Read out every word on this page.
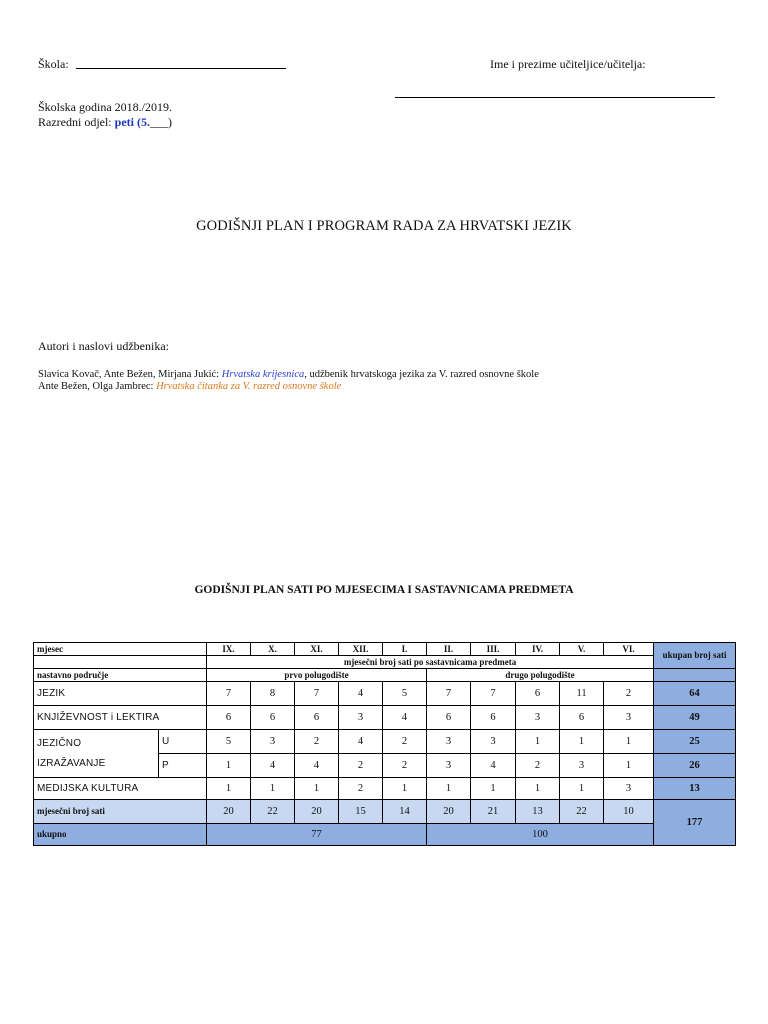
Škola:	Ime i prezime učiteljice/učitelja:
Školska godina 2018./2019.
Razredni odjel: peti (5.___)
GODIŠNJI PLAN I PROGRAM RADA ZA HRVATSKI JEZIK
Autori i naslovi udžbenika:
Slavica Kovač, Ante Bežen, Mirjana Jukić: Hrvatska krijesnica, udžbenik hrvatskoga jezika za V. razred osnovne škole
Ante Bežen, Olga Jambrec: Hrvatska čitanka za V. razred osnovne škole
GODIŠNJI PLAN SATI PO MJESECIMA I SASTAVNICAMA PREDMETA
mjesec		IX.	X.	XI.	XII.	I.	II.	III.	IV.	V.	VI.	ukupan broj sati
		mjesečni broj sati po sastavnicama predmeta										
nastavno područje		prvo polugodište					drugo polugodište					
JEZIK		7	8	7	4	5	7	7	6	11	2	64
KNJIŽEVNOST i LEKTIRA		6	6	6	3	4	6	6	3	6	3	49

JEZIČNO
IZRAŽAVANJE	U	5	3	2	4	2	3	3	1	1	1	25
	P	1	4	4	2	2	3	4	2	3	1	26
MEDIJSKA KULTURA		1	1	1	2	1	1	1	1	1	3	13
mjesečni broj sati		20	22	20	15	14	20	21	13	22	10	177
ukupno		77					100					
